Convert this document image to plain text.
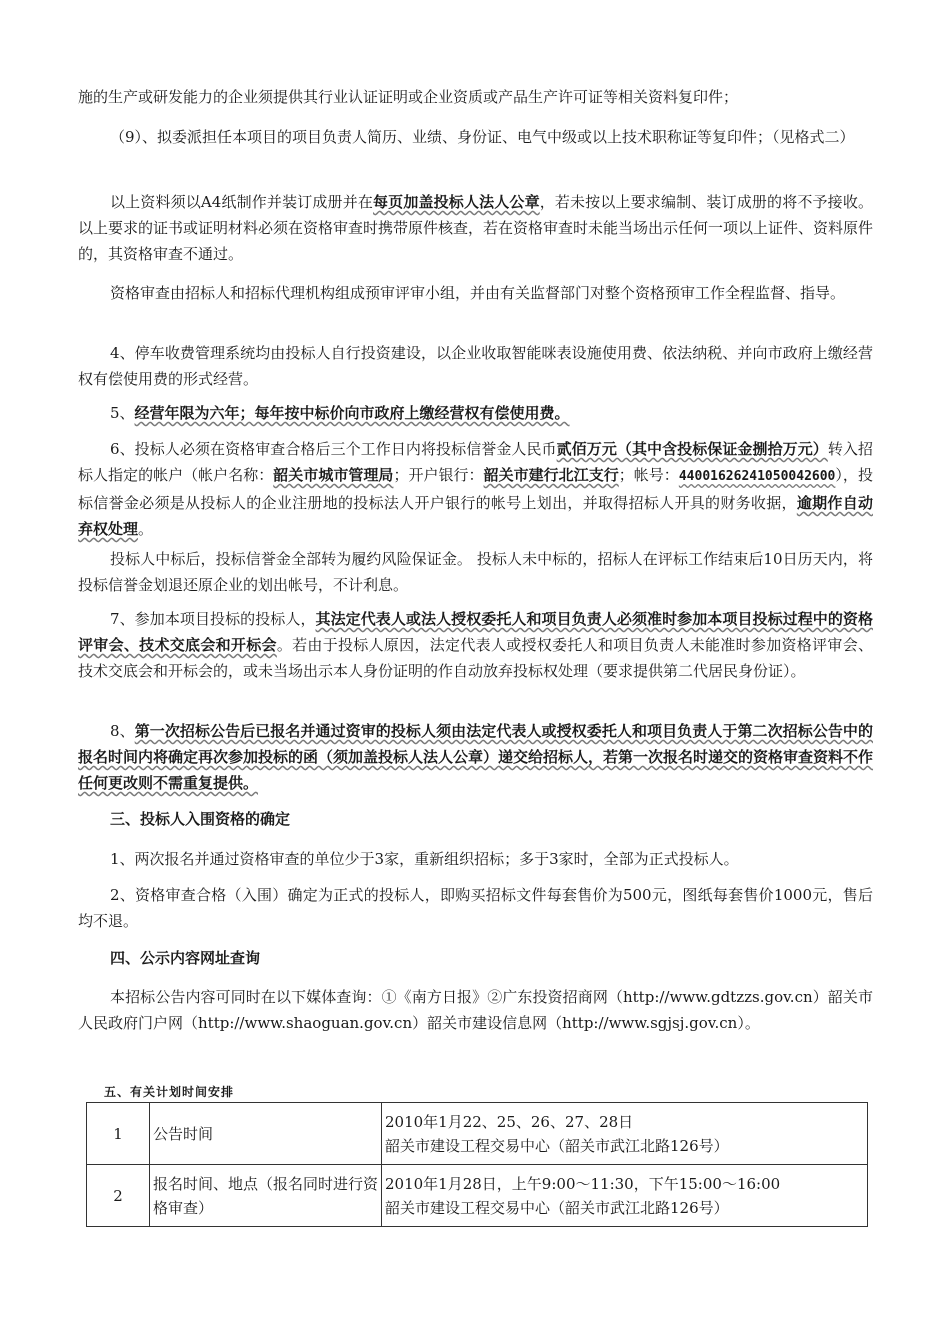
施的生产或研发能力的企业须提供其行业认证证明或企业资质或产品生产许可证等相关资料复印件；

（9）、拟委派担任本项目的项目负责人简历、业绩、身份证、电气中级或以上技术职称证等复印件；（见格式二）

以上资料须以A4纸制作并装订成册并在每页加盖投标人法人公章，若未按以上要求编制、装订成册的将不予接收。以上要求的证书或证明材料必须在资格审查时携带原件核查，若在资格审查时未能当场出示任何一项以上证件、资料原件的，其资格审查不通过。

资格审查由招标人和招标代理机构组成预审评审小组，并由有关监督部门对整个资格预审工作全程监督、指导。

4、停车收费管理系统均由投标人自行投资建设，以企业收取智能咪表设施使用费、依法纳税、并向市政府上缴经营权有偿使用费的形式经营。

5、经营年限为六年；每年按中标价向市政府上缴经营权有偿使用费。

6、投标人必须在资格审查合格后三个工作日内将投标信誉金人民币贰佰万元（其中含投标保证金捌拾万元）转入招标人指定的帐户（帐户名称：韶关市城市管理局；开户银行：韶关市建行北江支行；帐号：4400162624105004​2600），投标信誉金必须是从投标人的企业注册地的投标法人开户银行的帐号上划出，并取得招标人开具的财务收据，逾期作自动弃权处理。

投标人中标后，投标信誉金全部转为履约风险保证金。 投标人未中标的，招标人在评标工作结束后10日历天内，将投标信誉金划退还原企业的划出帐号，不计利息。

7、参加本项目投标的投标人，其法定代表人或法人授权委托人和项目负责人必须准时参加本项目投标过程中的资格评审会、技术交底会和开标会。若由于投标人原因，法定代表人或授权委托人和项目负责人未能准时参加资格评审会、技术交底会和开标会的，或未当场出示本人身份证明的作自动放弃投标权处理（要求提供第二代居民身份证）。

8、第一次招标公告后已报名并通过资审的投标人须由法定代表人或授权委托人和项目负责人于第二次招标公告中的报名时间内将确定再次参加投标的函（须加盖投标人法人公章）递交给招标人，若第一次报名时递交的资格审查资料不作任何更改则不需重复提供。

三、投标人入围资格的确定

1、两次报名并通过资格审查的单位少于3家，重新组织招标；多于3家时，全部为正式投标人。

2、资格审查合格（入围）确定为正式的投标人，即购买招标文件每套售价为500元，图纸每套售价1000元，售后均不退。

四、公示内容网址查询

本招标公告内容可同时在以下媒体查询：①《南方日报》②广东投资招商网（http://www.gdtzzs.gov.cn）韶关市人民政府门户网（http://www.shaoguan.gov.cn）韶关市建设信息网（http://www.sgjsj.gov.cn）。

五、有关计划时间安排
1	公告时间	2010年1月22、25、26、27、28日
韶关市建设工程交易中心（韶关市武江北路126号）

2	报名时间、地点（报名同时进行资格审查）	2010年1月28日，上午9:00～11:30，下午15:00～16:00
韶关市建设工程交易中心（韶关市武江北路126号）
